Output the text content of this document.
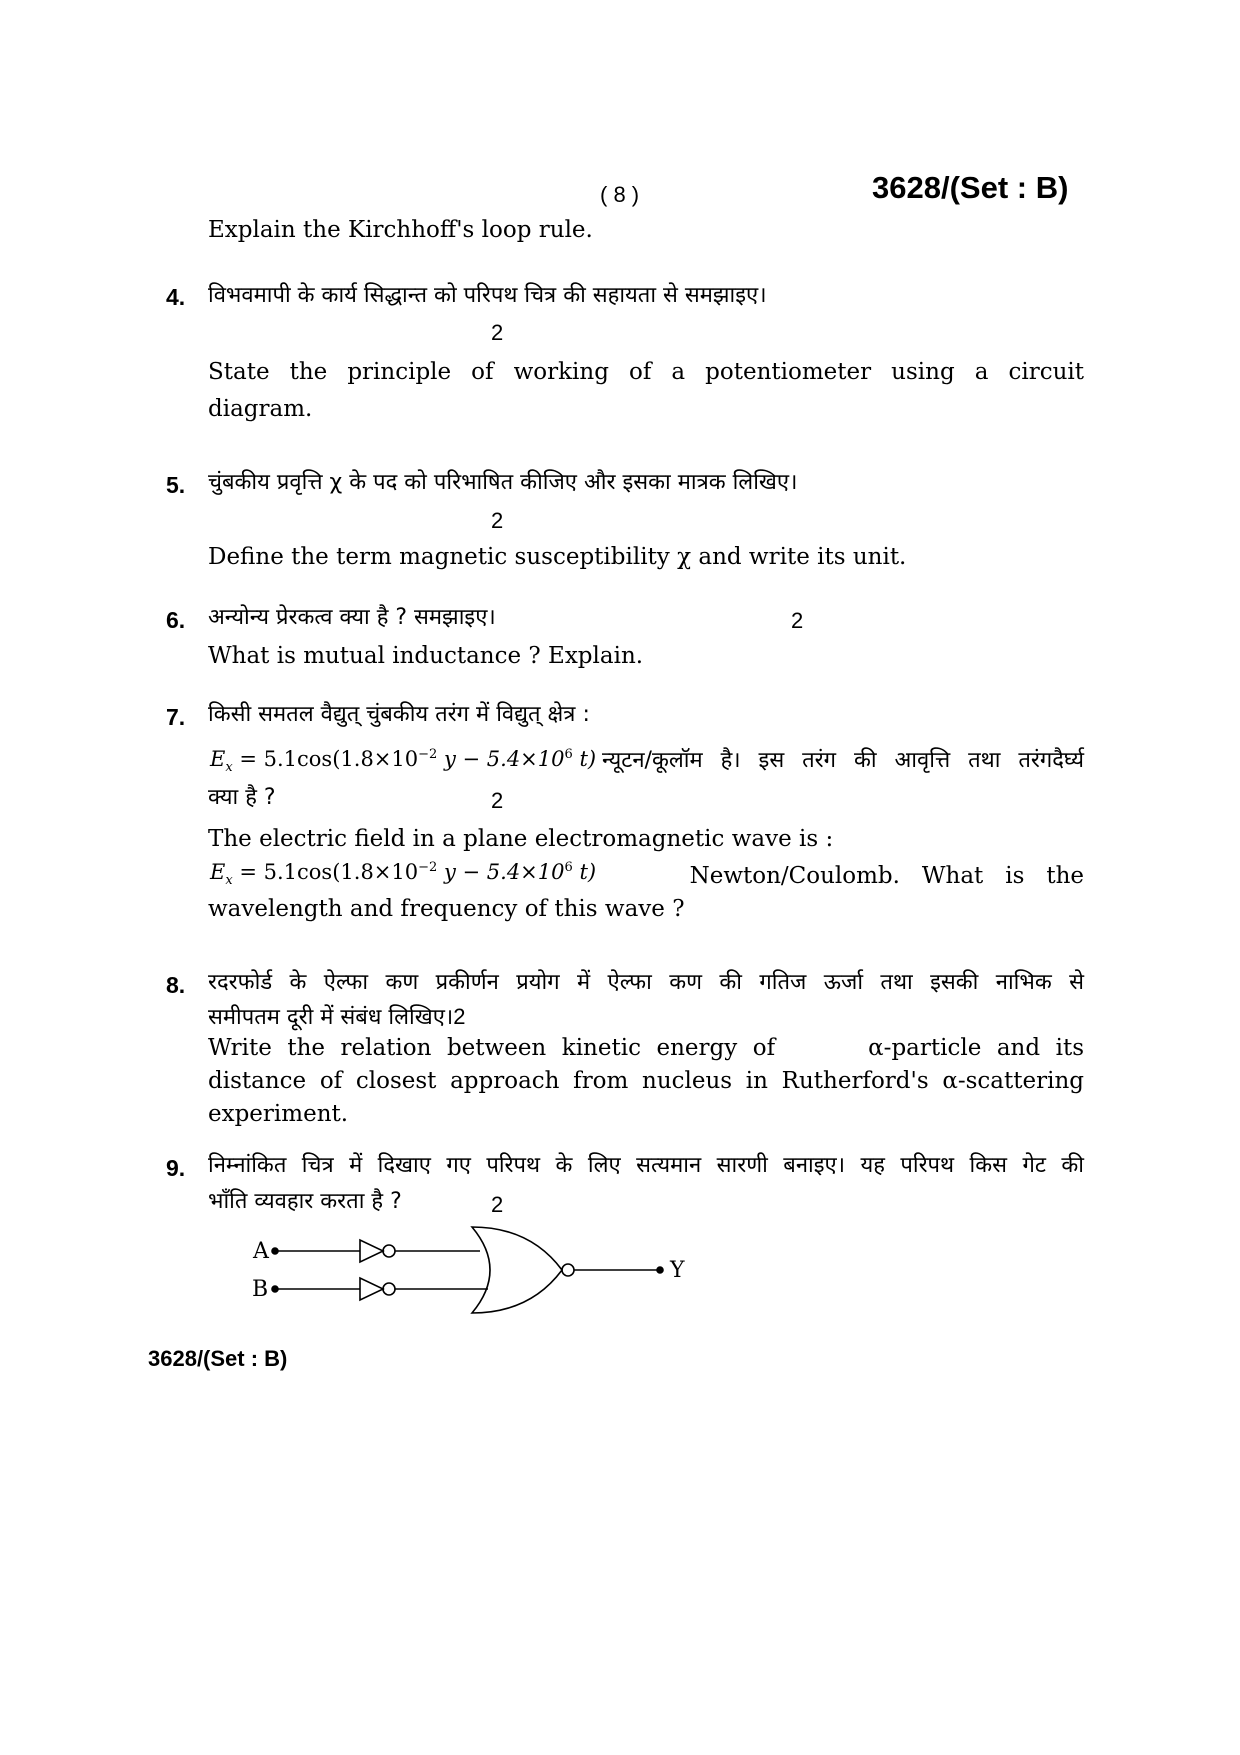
( 8 )	3628/(Set : B)
Explain the Kirchhoff's loop rule.
4. विभवमापी के कार्य सिद्धान्त को परिपथ चित्र की सहायता से समझाइए।
2
State the principle of working of a potentiometer using a circuit
diagram.
5. चुंबकीय प्रवृत्ति χ के पद को परिभाषित कीजिए और इसका मात्रक लिखिए।
2
Define the term magnetic susceptibility χ and write its unit.
6. अन्योन्य प्रेरकत्व क्या है ? समझाइए।	2
What is mutual inductance ? Explain.
7. किसी समतल वैद्युत् चुंबकीय तरंग में विद्युत् क्षेत्र :
$E_x = 5.1\cos(1.8\times 10^{-2}$ $y - 5.4\times 10^6$ t) न्यूटन/कूलॉम है। इस तरंग की आवृत्ति तथा तरंगदैर्घ्य
क्या है ?	2
The electric field in a plane electromagnetic wave is :
$E_x = 5.1\cos(1.8\times 10^{-2}$ $y - 5.4\times 10^6$ t)	Newton/Coulomb.   What   is   the
wavelength and frequency of this wave ?
8. रदरफोर्ड के ऐल्फा कण प्रकीर्णन प्रयोग में ऐल्फा कण की गतिज ऊर्जा तथा इसकी नाभिक से
समीपतम दूरी में संबंध लिखिए।2
Write the relation between kinetic energy of      α-particle and its
distance of closest approach from nucleus in Rutherford's α-scattering
experiment.
9. निम्नांकित चित्र में दिखाए गए परिपथ के लिए सत्यमान सारणी बनाइए। यह परिपथ किस गेट की
भाँति व्यवहार करता है ?	2
A
B
Y
3628/(Set : B)
